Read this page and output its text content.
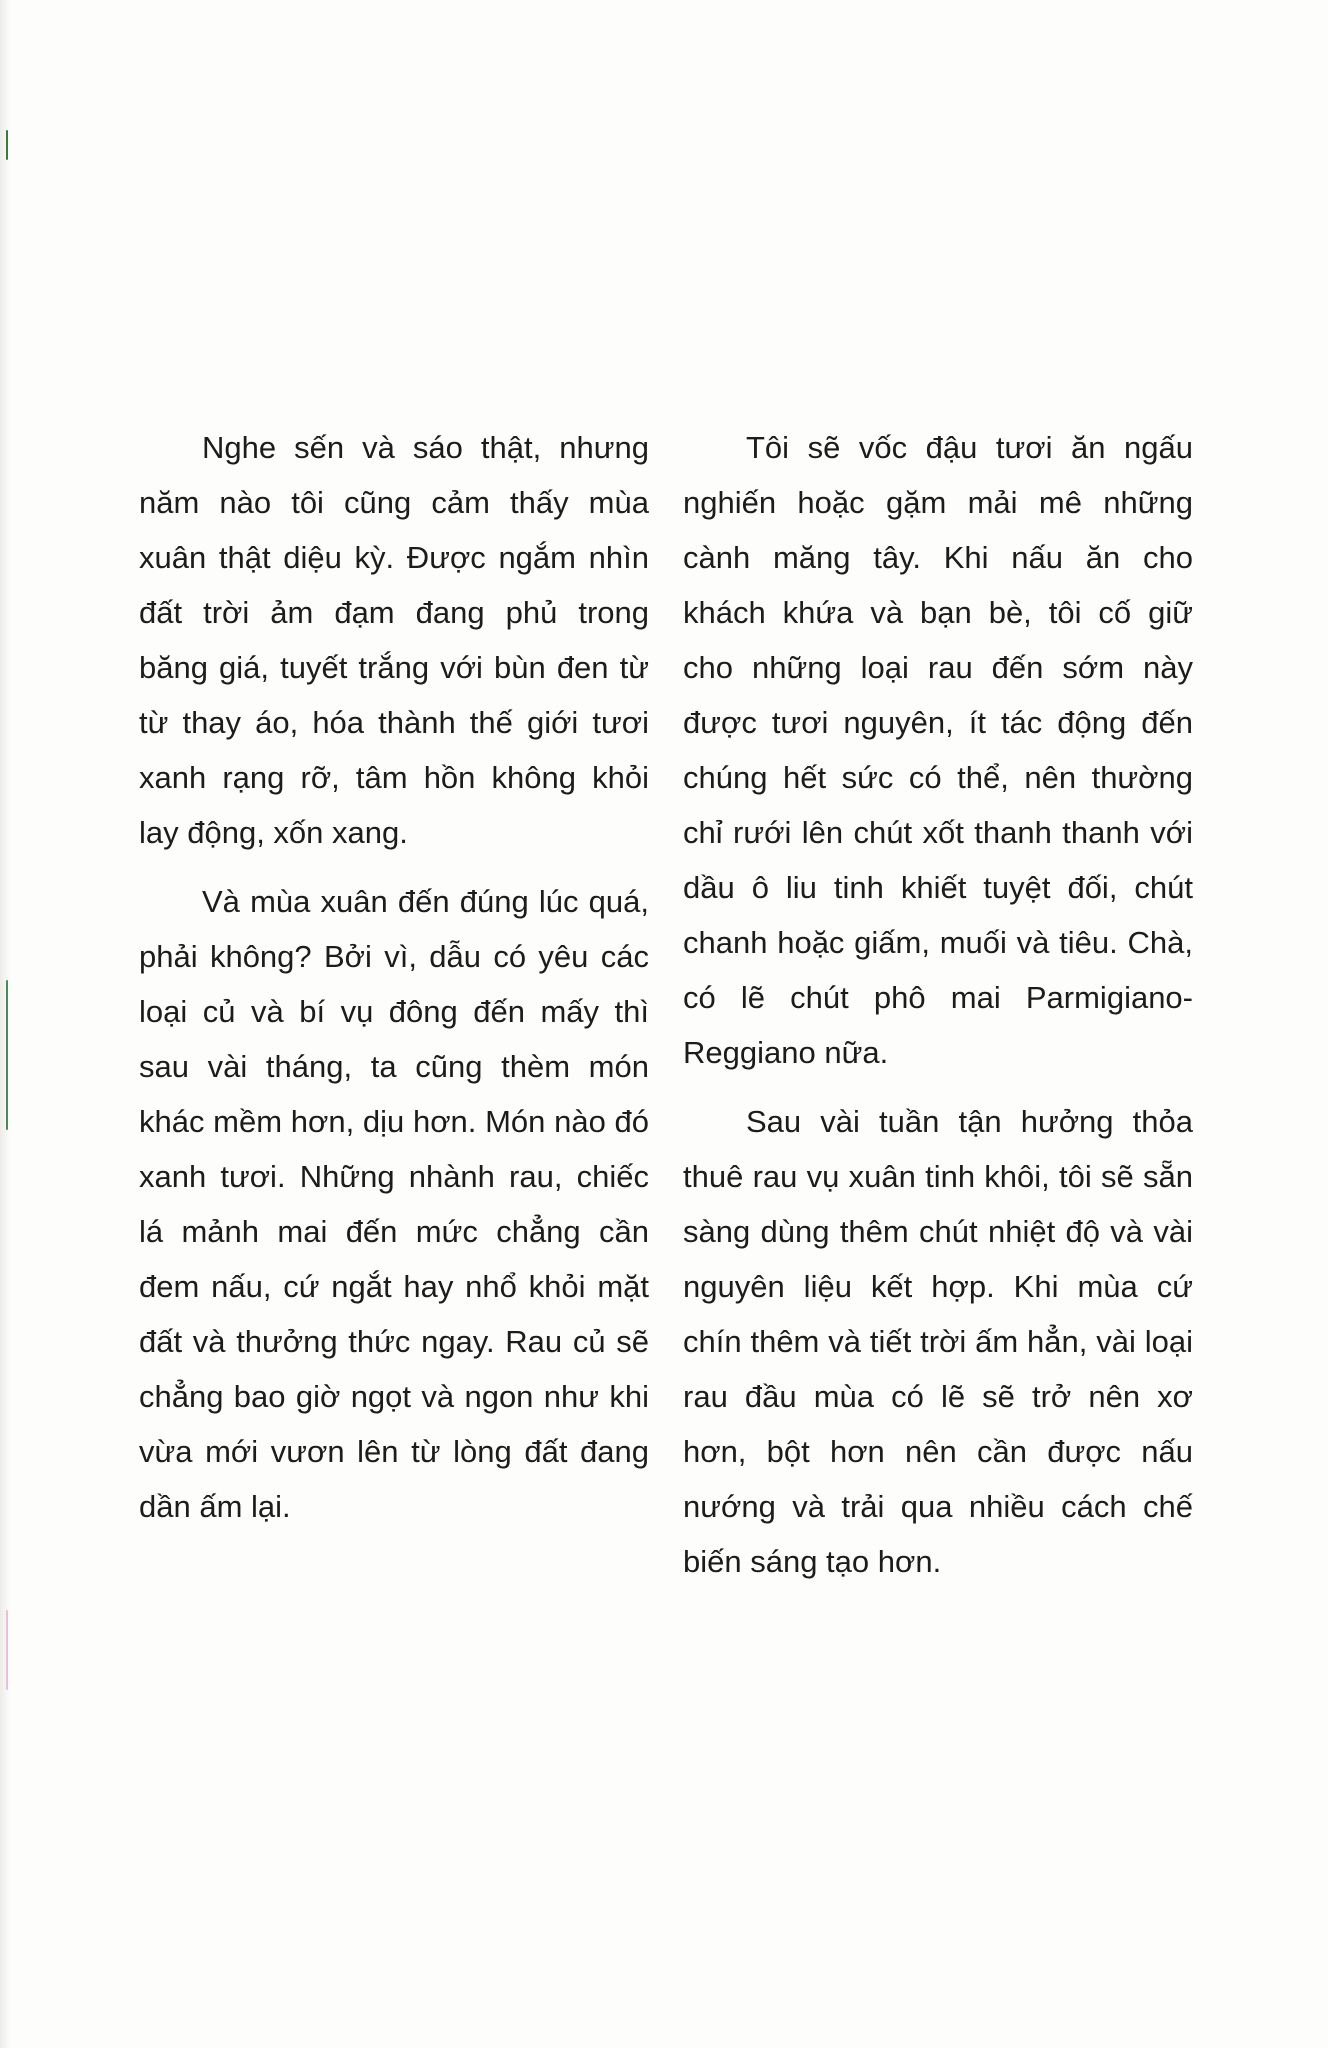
Nghe sến và sáo thật, nhưng năm nào tôi cũng cảm thấy mùa xuân thật diệu kỳ. Được ngắm nhìn đất trời ảm đạm đang phủ trong băng giá, tuyết trắng với bùn đen từ từ thay áo, hóa thành thế giới tươi xanh rạng rỡ, tâm hồn không khỏi lay động, xốn xang.

Và mùa xuân đến đúng lúc quá, phải không? Bởi vì, dẫu có yêu các loại củ và bí vụ đông đến mấy thì sau vài tháng, ta cũng thèm món khác mềm hơn, dịu hơn. Món nào đó xanh tươi. Những nhành rau, chiếc lá mảnh mai đến mức chẳng cần đem nấu, cứ ngắt hay nhổ khỏi mặt đất và thưởng thức ngay. Rau củ sẽ chẳng bao giờ ngọt và ngon như khi vừa mới vươn lên từ lòng đất đang dần ấm lại.

Tôi sẽ vốc đậu tươi ăn ngấu nghiến hoặc gặm mải mê những cành măng tây. Khi nấu ăn cho khách khứa và bạn bè, tôi cố giữ cho những loại rau đến sớm này được tươi nguyên, ít tác động đến chúng hết sức có thể, nên thường chỉ rưới lên chút xốt thanh thanh với dầu ô liu tinh khiết tuyệt đối, chút chanh hoặc giấm, muối và tiêu. Chà, có lẽ chút phô mai Parmigiano-Reggiano nữa.

Sau vài tuần tận hưởng thỏa thuê rau vụ xuân tinh khôi, tôi sẽ sẵn sàng dùng thêm chút nhiệt độ và vài nguyên liệu kết hợp. Khi mùa cứ chín thêm và tiết trời ấm hẳn, vài loại rau đầu mùa có lẽ sẽ trở nên xơ hơn, bột hơn nên cần được nấu nướng và trải qua nhiều cách chế biến sáng tạo hơn.
